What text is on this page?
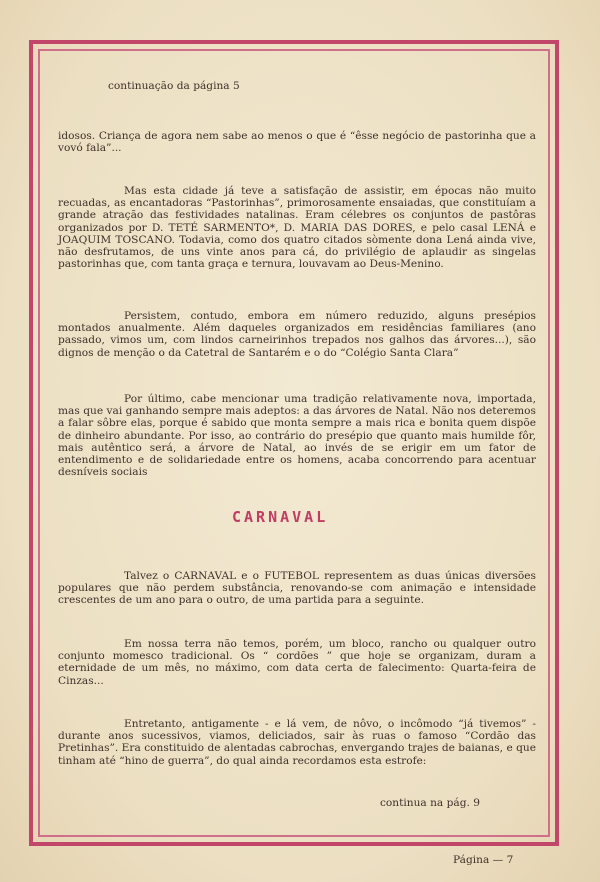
continuação da página 5
idosos. Criança de agora nem sabe ao menos o que é “êsse negócio de pastorinha que a vovó fala”...
Mas esta cidade já teve a satisfação de assistir, em épocas não muito recuadas, as encantadoras “Pastorinhas”, primorosamente ensaiadas, que constituíam a grande atração das festividades natalinas. Eram célebres os conjuntos de pastôras organizados por D. TETÉ SARMENTO*, D. MARIA DAS DORES, e pelo casal LENÁ e JOAQUIM TOSCANO. Todavia, como dos quatro citados sòmente dona Lená ainda vive, não desfrutamos, de uns vinte anos para cá, do privilégio de aplaudir as singelas pastorinhas que, com tanta graça e ternura, louvavam ao Deus-Menino.
Persistem, contudo, embora em número reduzido, alguns presépios montados anualmente. Além daqueles organizados em residências familiares (ano passado, vimos um, com lindos carneirinhos trepados nos galhos das árvores...), são dignos de menção o da Catetral de Santarém e o do “Colégio Santa Clara”
Por último, cabe mencionar uma tradição relativamente nova, importada, mas que vai ganhando sempre mais adeptos: a das árvores de Natal. Não nos deteremos a falar sôbre elas, porque é sabido que monta sempre a mais rica e bonita quem dispõe de dinheiro abundante. Por isso, ao contrário do presépio que quanto mais humilde fôr, mais autêntico será, a árvore de Natal, ao invés de se erigir em um fator de entendimento e de solidariedade entre os homens, acaba concorrendo para acentuar desníveis sociais
CARNAVAL
Talvez o CARNAVAL e o FUTEBOL representem as duas únicas diversões populares que não perdem substância, renovando-se com animação e intensidade crescentes de um ano para o outro, de uma partida para a seguinte.
Em nossa terra não temos, porém, um bloco, rancho ou qualquer outro conjunto momesco tradicional. Os “ cordões ” que hoje se organizam, duram a eternidade de um mês, no máximo, com data certa de falecimento: Quarta-feira de Cinzas...
Entretanto, antigamente - e lá vem, de nôvo, o incômodo “já tivemos” - durante anos sucessivos, viamos, deliciados, sair às ruas o famoso “Cordão das Pretinhas”. Era constituido de alentadas cabrochas, envergando trajes de baianas, e que tinham até “hino de guerra”, do qual ainda recordamos esta estrofe:
continua na pág. 9
Página — 7
